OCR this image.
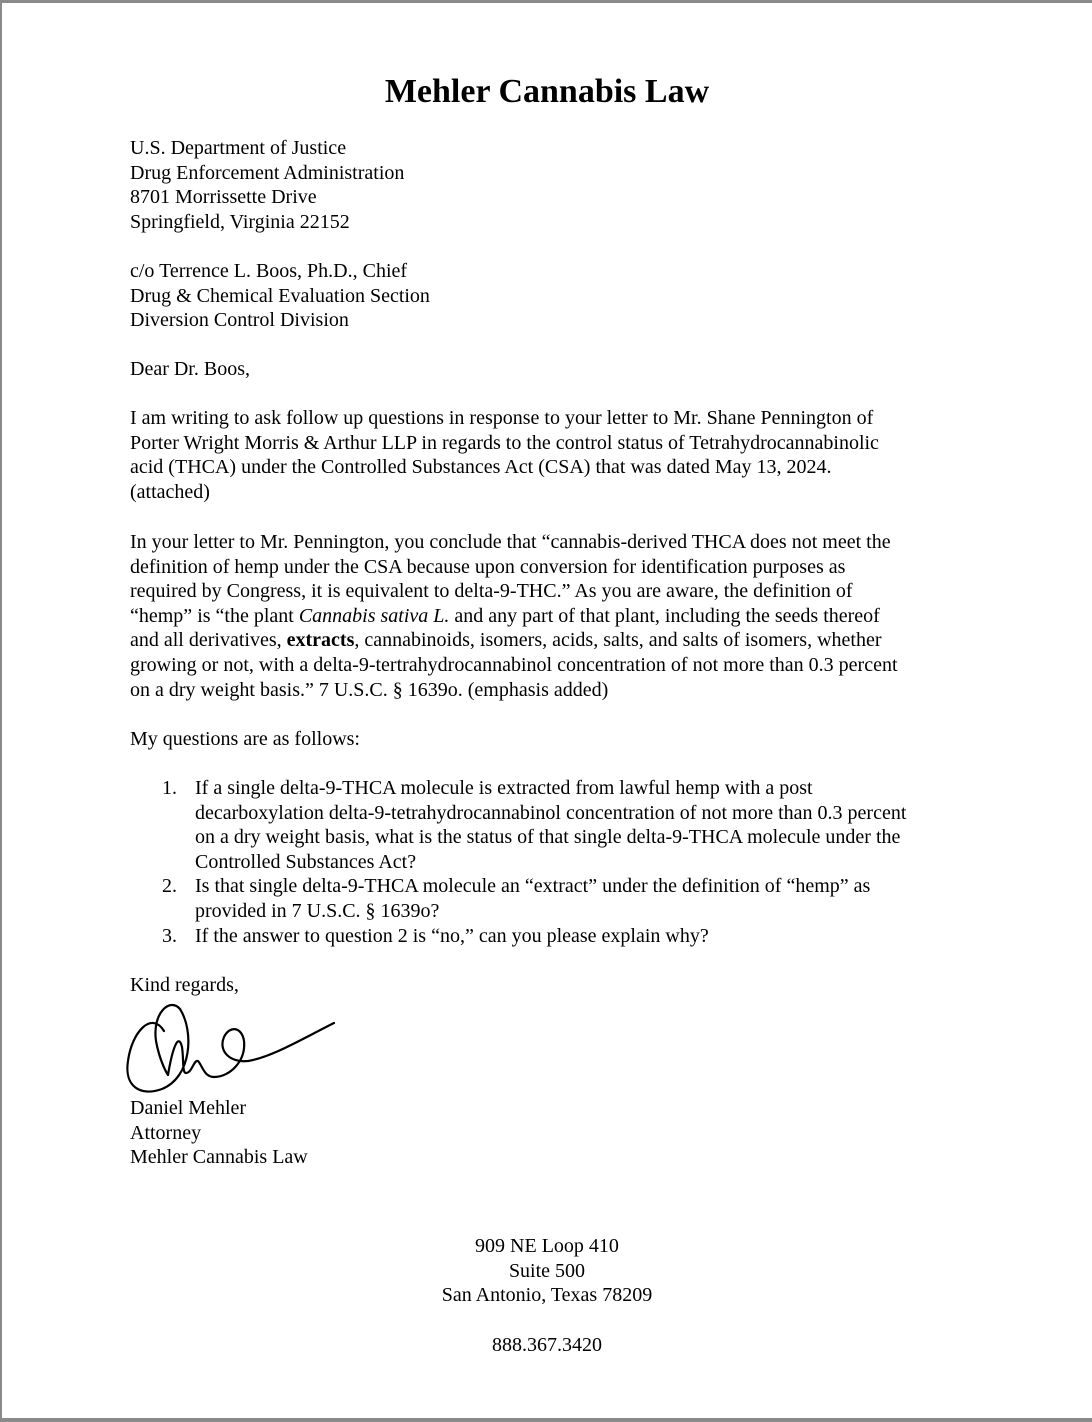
Mehler Cannabis Law
U.S. Department of Justice
Drug Enforcement Administration
8701 Morrissette Drive
Springfield, Virginia 22152
c/o Terrence L. Boos, Ph.D., Chief
Drug & Chemical Evaluation Section
Diversion Control Division
Dear Dr. Boos,
I am writing to ask follow up questions in response to your letter to Mr. Shane Pennington of
Porter Wright Morris & Arthur LLP in regards to the control status of Tetrahydrocannabinolic
acid (THCA) under the Controlled Substances Act (CSA) that was dated May 13, 2024.
(attached)
In your letter to Mr. Pennington, you conclude that “cannabis-derived THCA does not meet the
definition of hemp under the CSA because upon conversion for identification purposes as
required by Congress, it is equivalent to delta-9-THC.” As you are aware, the definition of
“hemp” is “the plant Cannabis sativa L. and any part of that plant, including the seeds thereof
and all derivatives, extracts, cannabinoids, isomers, acids, salts, and salts of isomers, whether
growing or not, with a delta-9-tertrahydrocannabinol concentration of not more than 0.3 percent
on a dry weight basis.” 7 U.S.C. § 1639o. (emphasis added)
My questions are as follows:
1. If a single delta-9-THCA molecule is extracted from lawful hemp with a post
decarboxylation delta-9-tetrahydrocannabinol concentration of not more than 0.3 percent
on a dry weight basis, what is the status of that single delta-9-THCA molecule under the
Controlled Substances Act?
2. Is that single delta-9-THCA molecule an “extract” under the definition of “hemp” as
provided in 7 U.S.C. § 1639o?
3. If the answer to question 2 is “no,” can you please explain why?
Kind regards,
Daniel Mehler
Attorney
Mehler Cannabis Law
909 NE Loop 410
Suite 500
San Antonio, Texas 78209
888.367.3420
